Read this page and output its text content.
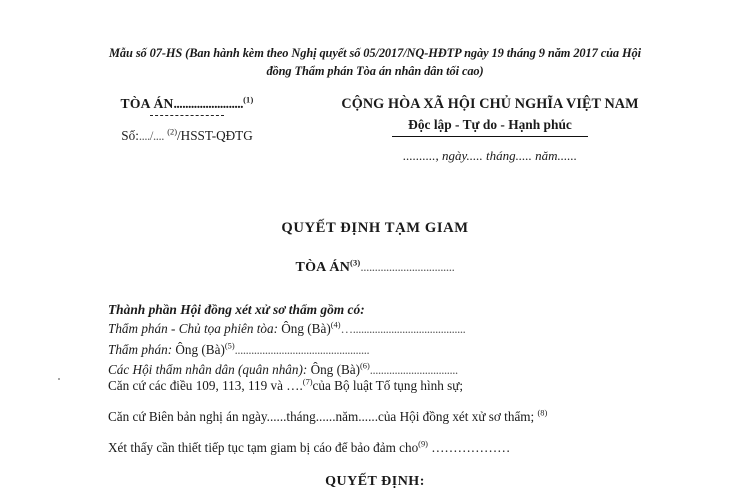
Mẫu số 07-HS (Ban hành kèm theo Nghị quyết số 05/2017/NQ-HĐTP ngày 19 tháng 9 năm 2017 của Hội
đồng Thẩm phán Tòa án nhân dân tối cao)
TÒA ÁN........................$^{(1)}$
Số:..../.... $^{(2)}$/HSST-QĐTG
CỘNG HÒA XÃ HỘI CHỦ NGHĨA VIỆT NAM
Độc lập - Tự do - Hạnh phúc
.........., ngày..... tháng..... năm......
QUYẾT ĐỊNH TẠM GIAM
TÒA ÁN$^{(3)}$.................................
Thành phần Hội đồng xét xử sơ thẩm gồm có:
Thẩm phán - Chủ tọa phiên tòa: Ông (Bà)$^{(4)}$….........................................
Thẩm phán: Ông (Bà)$^{(5)}$.................................................
Các Hội thẩm nhân dân (quân nhân): Ông (Bà)$^{(6)}$................................
Căn cứ các điều 109, 113, 119 và ….$^{(7)}$của Bộ luật Tố tụng hình sự;
Căn cứ Biên bản nghị án ngày......tháng......năm......của Hội đồng xét xử sơ thẩm; $^{(8)}$
Xét thấy cần thiết tiếp tục tạm giam bị cáo để bảo đảm cho$^{(9)}$ ………………
QUYẾT ĐỊNH:
